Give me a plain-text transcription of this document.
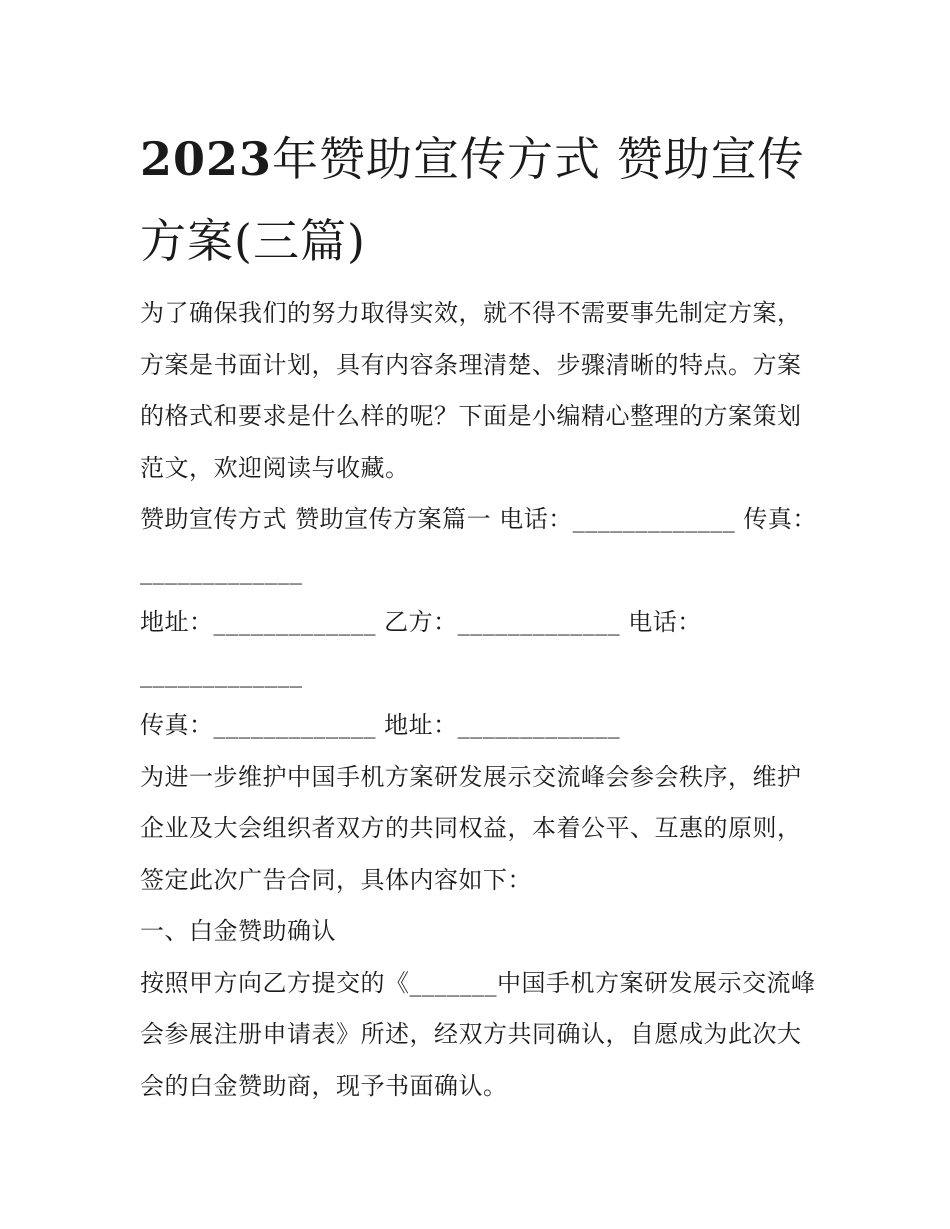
2023年赞助宣传方式 赞助宣传方案(三篇)

为了确保我们的努力取得实效，就不得不需要事先制定方案，方案是书面计划，具有内容条理清楚、步骤清晰的特点。方案的格式和要求是什么样的呢？下面是小编精心整理的方案策划范文，欢迎阅读与收藏。

赞助宣传方式 赞助宣传方案篇一 电话：_____________ 传真：_____________

地址：_____________ 乙方：_____________ 电话：_____________

传真：_____________ 地址：_____________

为进一步维护中国手机方案研发展示交流峰会参会秩序，维护企业及大会组织者双方的共同权益，本着公平、互惠的原则，签定此次广告合同，具体内容如下：

一、白金赞助确认

按照甲方向乙方提交的《_______中国手机方案研发展示交流峰会参展注册申请表》所述，经双方共同确认，自愿成为此次大会的白金赞助商，现予书面确认。
